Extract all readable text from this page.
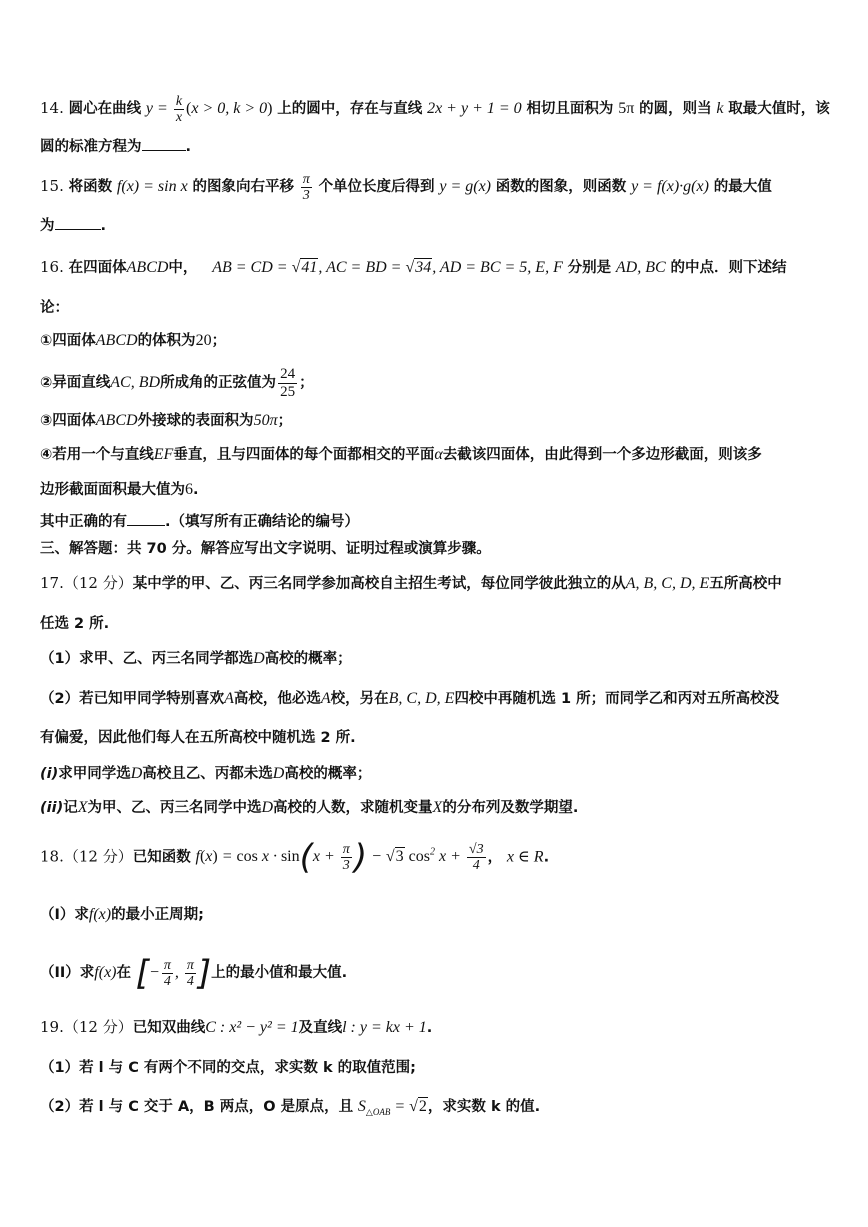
14. 圆心在曲线 $y = \frac{k}{x} (x > 0$, k > 0) 上的圆中，存在与直线 2x + y + 1 = 0 相切且面积为 5π 的圆，则当 k 取最大值时，该
圆的标准方程为	.
15. 将函数 f(x) = sin x 的图象向右平移 $\frac{\pi}{3}$ 个单位长度后得到 y = g(x) 函数的图象，则函数 y = f(x)·g(x) 的最大值
为	.
16. 在四面体ABCD中， AB = CD = √41, AC = BD = √34, AD = BC = 5, E, F 分别是 AD, BC 的中点．则下述结
论：
①四面体ABCD的体积为20；
②异面直线AC, BD所成角的正弦值为 $\frac{24}{25}$ ；
③四面体ABCD外接球的表面积为50π；
④若用一个与直线EF垂直，且与四面体的每个面都相交的平面α去截该四面体，由此得到一个多边形截面，则该多
边形截面面积最大值为6.
其中正确的有	.（填写所有正确结论的编号）
三、解答题：共 70 分。解答应写出文字说明、证明过程或演算步骤。
17.（12 分）某中学的甲、乙、丙三名同学参加高校自主招生考试，每位同学彼此独立的从A, B, C, D, E五所高校中
任选 2 所.
（1）求甲、乙、丙三名同学都选D高校的概率；
（2）若已知甲同学特别喜欢A高校，他必选A校，另在B, C, D, E四校中再随机选 1 所；而同学乙和丙对五所高校没
有偏爱，因此他们每人在五所高校中随机选 2 所.
(i)求甲同学选D高校且乙、丙都未选D高校的概率；
(ii)记X为甲、乙、丙三名同学中选D高校的人数，求随机变量X的分布列及数学期望.
18.（12 分）已知函数 $f(x) = \cos x \cdot \sin(x + \frac{\pi}{3}$ ) − √3 $\cos^2 x + \frac{√3}{4}$ ， x ∈ R.
（I）求f(x)的最小正周期;
（II）求f(x)在 [− $\frac{\pi}{4}$ , $\frac{\pi}{4}$ ]上的最小值和最大值.
19.（12 分）已知双曲线C : x² − y² = 1及直线l : y = kx + 1.
（1）若 l 与 C 有两个不同的交点，求实数 k 的取值范围;
（2）若 l 与 C 交于 A，B 两点，O 是原点，且 $S_{\triangle OAB} = √2$，求实数 k 的值.
